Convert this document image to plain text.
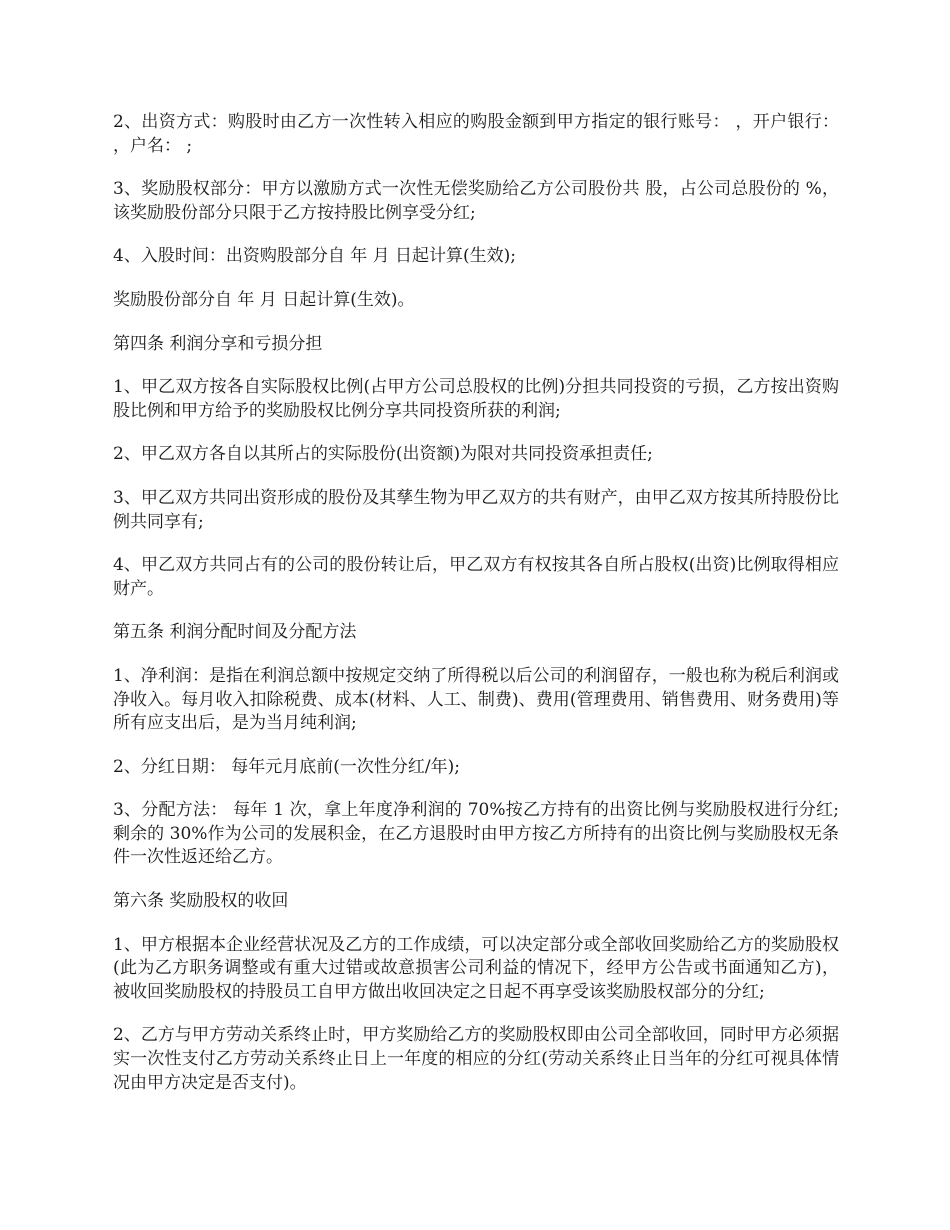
2、出资方式：购股时由乙方一次性转入相应的购股金额到甲方指定的银行账号： ，开户银行： ，户名： ;

3、奖励股权部分：甲方以激励方式一次性无偿奖励给乙方公司股份共 股，占公司总股份的 %，该奖励股份部分只限于乙方按持股比例享受分红;

4、入股时间：出资购股部分自 年 月 日起计算(生效);

奖励股份部分自 年 月 日起计算(生效)。

第四条 利润分享和亏损分担

1、甲乙双方按各自实际股权比例(占甲方公司总股权的比例)分担共同投资的亏损，乙方按出资购股比例和甲方给予的奖励股权比例分享共同投资所获的利润;

2、甲乙双方各自以其所占的实际股份(出资额)为限对共同投资承担责任;

3、甲乙双方共同出资形成的股份及其孳生物为甲乙双方的共有财产，由甲乙双方按其所持股份比例共同享有;

4、甲乙双方共同占有的公司的股份转让后，甲乙双方有权按其各自所占股权(出资)比例取得相应财产。

第五条 利润分配时间及分配方法

1、净利润：是指在利润总额中按规定交纳了所得税以后公司的利润留存，一般也称为税后利润或净收入。每月收入扣除税费、成本(材料、人工、制费)、费用(管理费用、销售费用、财务费用)等所有应支出后，是为当月纯利润;

2、分红日期： 每年元月底前(一次性分红/年);

3、分配方法： 每年 1 次，拿上年度净利润的 70%按乙方持有的出资比例与奖励股权进行分红;剩余的 30%作为公司的发展积金，在乙方退股时由甲方按乙方所持有的出资比例与奖励股权无条件一次性返还给乙方。

第六条 奖励股权的收回

1、甲方根据本企业经营状况及乙方的工作成绩，可以决定部分或全部收回奖励给乙方的奖励股权(此为乙方职务调整或有重大过错或故意损害公司利益的情况下，经甲方公告或书面通知乙方)，被收回奖励股权的持股员工自甲方做出收回决定之日起不再享受该奖励股权部分的分红;

2、乙方与甲方劳动关系终止时，甲方奖励给乙方的奖励股权即由公司全部收回，同时甲方必须据实一次性支付乙方劳动关系终止日上一年度的相应的分红(劳动关系终止日当年的分红可视具体情况由甲方决定是否支付)。
